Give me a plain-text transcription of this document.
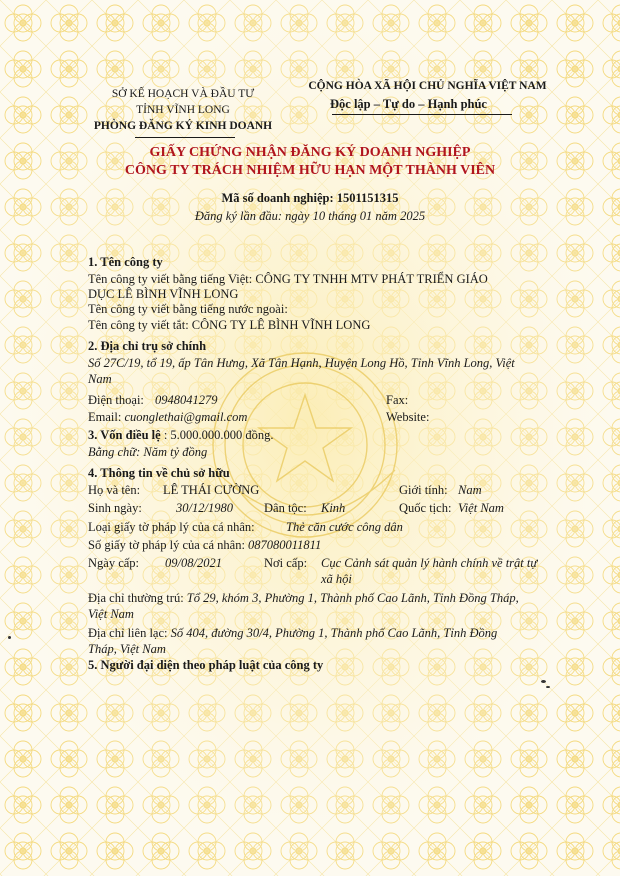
SỞ KẾ HOẠCH VÀ ĐẦU TƯ
TỈNH VĨNH LONG
PHÒNG ĐĂNG KÝ KINH DOANH
CỘNG HÒA XÃ HỘI CHỦ NGHĨA VIỆT NAM
Độc lập – Tự do – Hạnh phúc
GIẤY CHỨNG NHẬN ĐĂNG KÝ DOANH NGHIỆP
CÔNG TY TRÁCH NHIỆM HỮU HẠN MỘT THÀNH VIÊN
Mã số doanh nghiệp: 1501151315
Đăng ký lần đầu: ngày 10 tháng 01 năm 2025
1. Tên công ty
Tên công ty viết bằng tiếng Việt: CÔNG TY TNHH MTV PHÁT TRIỂN GIÁO
DỤC LÊ BÌNH VĨNH LONG
Tên công ty viết bằng tiếng nước ngoài:
Tên công ty viết tắt: CÔNG TY LÊ BÌNH VĨNH LONG
2. Địa chỉ trụ sở chính
Số 27C/19, tổ 19, ấp Tân Hưng, Xã Tân Hạnh, Huyện Long Hồ, Tỉnh Vĩnh Long, Việt
Nam
Điện thoại: 0948041279	Fax:
Email: cuonglethai@gmail.com	Website:
3. Vốn điều lệ : 5.000.000.000 đồng.
Bằng chữ: Năm tỷ đồng
4. Thông tin về chủ sở hữu
Họ và tên: LÊ THÁI CƯỜNG	Giới tính: Nam
Sinh ngày:	30/12/1980 Dân tộc: Kinh	Quốc tịch: Việt Nam
Loại giấy tờ pháp lý của cá nhân:	Thẻ căn cước công dân
Số giấy tờ pháp lý của cá nhân: 087080011811
Ngày cấp: 09/08/2021	Nơi cấp: Cục Cảnh sát quản lý hành chính về trật tự
xã hội
Địa chỉ thường trú: Tổ 29, khóm 3, Phường 1, Thành phố Cao Lãnh, Tỉnh Đồng Tháp,
Việt Nam
Địa chỉ liên lạc: Số 404, đường 30/4, Phường 1, Thành phố Cao Lãnh, Tỉnh Đồng
Tháp, Việt Nam
5. Người đại diện theo pháp luật của công ty
